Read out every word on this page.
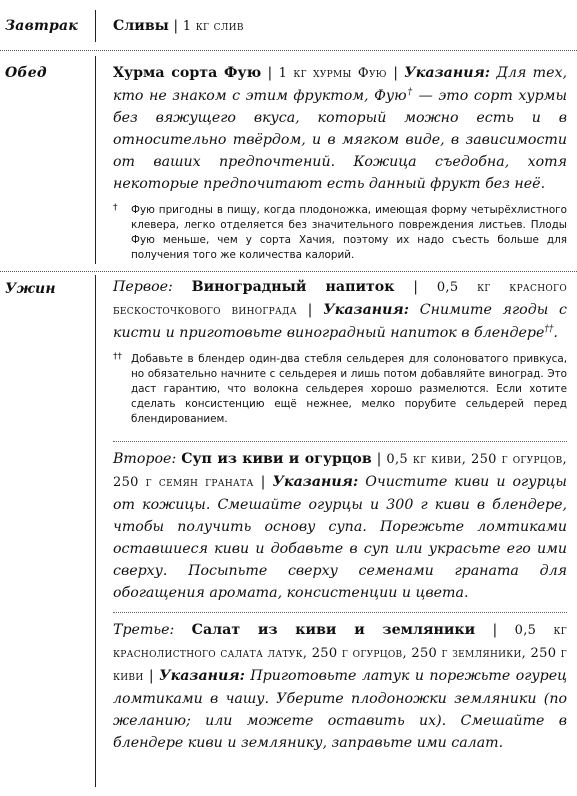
Завтрак Сливы | 1 кг слив

Обед	Хурма сорта Фую | 1 кг хурмы Фую | Указания: Для тех, кто не знаком с этим фруктом, Фую† — это сорт хурмы без вяжущего вкуса, который можно есть и в относительно твёрдом, и в мягком виде, в зависимости от ваших предпочтений. Кожица съедобна, хотя некоторые предпочитают есть данный фрукт без неё.

† Фую пригодны в пищу, когда плодоножка, имеющая форму четырёхлистного клевера, легко отделяется без значительного повреждения листьев. Плоды Фую меньше, чем у сорта Хачия, поэтому их надо съесть больше для получения того же количества калорий.

Ужин	Первое: Виноградный напиток | 0,5 кг красного бескосточкового винограда | Указания: Снимите ягоды с кисти и приготовьте виноградный напиток в блендере††.

†† Добавьте в блендер один-два стебля сельдерея для солоноватого привкуса, но обязательно начните с сельдерея и лишь потом добавляйте виноград. Это даст гарантию, что волокна сельдерея хорошо размелются. Если хотите сделать консистенцию ещё нежнее, мелко порубите сельдерей перед блендированием.

Второе: Суп из киви и огурцов | 0,5 кг киви, 250 г огурцов, 250 г семян граната | Указания: Очистите киви и огурцы от кожицы. Смешайте огурцы и 300 г киви в блендере, чтобы получить основу супа. Порежьте ломтиками оставшиеся киви и добавьте в суп или украсьте его ими сверху. Посыпьте сверху семенами граната для обогащения аромата, консистенции и цвета.

Третье: Салат из киви и земляники | 0,5 кг краснолистного салата латук, 250 г огурцов, 250 г земляники, 250 г киви | Указания: Приготовьте латук и порежьте огурец ломтиками в чашу. Уберите плодоножки земляники (по желанию; или можете оставить их). Смешайте в блендере киви и землянику, заправьте ими салат.
